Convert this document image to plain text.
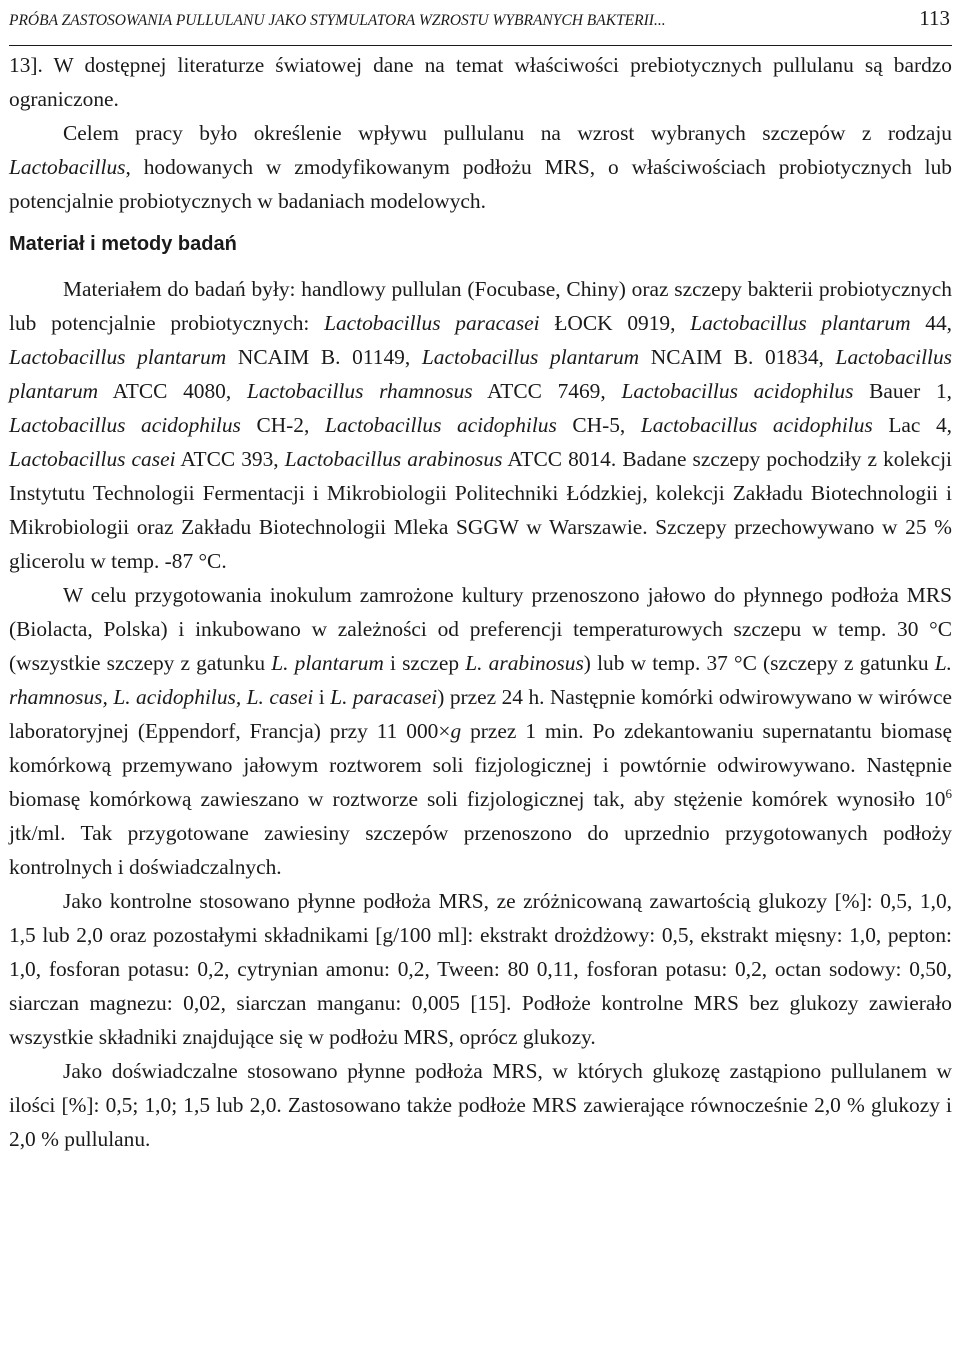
PRÓBA ZASTOSOWANIA PULLULANU JAKO STYMULATORA WZROSTU WYBRANYCH BAKTERII...	113

13]. W dostępnej literaturze światowej dane na temat właściwości prebiotycznych pullulanu są bardzo ograniczone.

Celem pracy było określenie wpływu pullulanu na wzrost wybranych szczepów z rodzaju Lactobacillus, hodowanych w zmodyfikowanym podłożu MRS, o właściwościach probiotycznych lub potencjalnie probiotycznych w badaniach modelowych.

Materiał i metody badań

Materiałem do badań były: handlowy pullulan (Focubase, Chiny) oraz szczepy bakterii probiotycznych lub potencjalnie probiotycznych: Lactobacillus paracasei ŁOCK 0919, Lactobacillus plantarum 44, Lactobacillus plantarum NCAIM B. 01149, Lactobacillus plantarum NCAIM B. 01834, Lactobacillus plantarum ATCC 4080, Lactobacillus rhamnosus ATCC 7469, Lactobacillus acidophilus Bauer 1, Lactobacillus acidophilus CH-2, Lactobacillus acidophilus CH-5, Lactobacillus acidophilus Lac 4, Lactobacillus casei ATCC 393, Lactobacillus arabinosus ATCC 8014. Badane szczepy pochodziły z kolekcji Instytutu Technologii Fermentacji i Mikrobiologii Politechniki Łódzkiej, kolekcji Zakładu Biotechnologii i Mikrobiologii oraz Zakładu Biotechnologii Mleka SGGW w Warszawie. Szczepy przechowywano w 25 % glicerolu w temp. -87 °C.

W celu przygotowania inokulum zamrożone kultury przenoszono jałowo do płynnego podłoża MRS (Biolacta, Polska) i inkubowano w zależności od preferencji temperaturowych szczepu w temp. 30 °C (wszystkie szczepy z gatunku L. plantarum i szczep L. arabinosus) lub w temp. 37 °C (szczepy z gatunku L. rhamnosus, L. acidophilus, L. casei i L. paracasei) przez 24 h. Następnie komórki odwirowywano w wirówce laboratoryjnej (Eppendorf, Francja) przy 11 000×g przez 1 min. Po zdekantowaniu supernatantu biomasę komórkową przemywano jałowym roztworem soli fizjologicznej i powtórnie odwirowywano. Następnie biomasę komórkową zawieszano w roztworze soli fizjologicznej tak, aby stężenie komórek wynosiło $10^6$ jtk/ml. Tak przygotowane zawiesiny szczepów przenoszono do uprzednio przygotowanych podłoży kontrolnych i doświadczalnych.

Jako kontrolne stosowano płynne podłoża MRS, ze zróżnicowaną zawartością glukozy [%]: 0,5, 1,0, 1,5 lub 2,0 oraz pozostałymi składnikami [g/100 ml]: ekstrakt drożdżowy: 0,5, ekstrakt mięsny: 1,0, pepton: 1,0, fosforan potasu: 0,2, cytrynian amonu: 0,2, Tween: 80 0,11, fosforan potasu: 0,2, octan sodowy: 0,50, siarczan magnezu: 0,02, siarczan manganu: 0,005 [15]. Podłoże kontrolne MRS bez glukozy zawierało wszystkie składniki znajdujące się w podłożu MRS, oprócz glukozy.

Jako doświadczalne stosowano płynne podłoża MRS, w których glukozę zastąpiono pullulanem w ilości [%]: 0,5; 1,0; 1,5 lub 2,0. Zastosowano także podłoże MRS zawierające równocześnie 2,0 % glukozy i 2,0 % pullulanu.
